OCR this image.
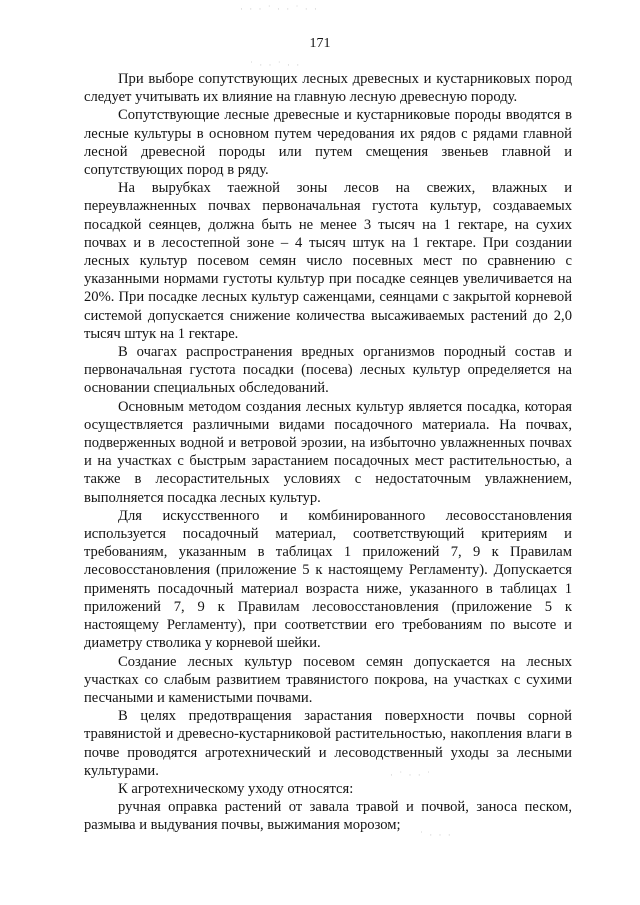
· · · ˙ · · ˙ · ·
˙ · · ˙ · ·
· ˙ · · ˙
˙ · · ·
171

При выборе сопутствующих лесных древесных и кустарниковых пород следует учитывать их влияние на главную лесную древесную породу.

Сопутствующие лесные древесные и кустарниковые породы вводятся в лесные культуры в основном путем чередования их рядов с рядами главной лесной древесной породы или путем смещения звеньев главной и сопутствующих пород в ряду.

На вырубках таежной зоны лесов на свежих, влажных и переувлажненных почвах первоначальная густота культур, создаваемых посадкой сеянцев, должна быть не менее 3 тысяч на 1 гектаре, на сухих почвах и в лесостепной зоне – 4 тысяч штук на 1 гектаре. При создании лесных культур посевом семян число посевных мест по сравнению с указанными нормами густоты культур при посадке сеянцев увеличивается на 20%. При посадке лесных культур саженцами, сеянцами с закрытой корневой системой допускается снижение количества высаживаемых растений до 2,0 тысяч штук на 1 гектаре.

В очагах распространения вредных организмов породный состав и первоначальная густота посадки (посева) лесных культур определяется на основании специальных обследований.

Основным методом создания лесных культур является посадка, которая осуществляется различными видами посадочного материала. На почвах, подверженных водной и ветровой эрозии, на избыточно увлажненных почвах и на участках с быстрым зарастанием посадочных мест растительностью, а также в лесорастительных условиях с недостаточным увлажнением, выполняется посадка лесных культур.

Для искусственного и комбинированного лесовосстановления используется посадочный материал, соответствующий критериям и требованиям, указанным в таблицах 1 приложений 7, 9 к Правилам лесовосстановления (приложение 5 к настоящему Регламенту). Допускается применять посадочный материал возраста ниже, указанного в таблицах 1 приложений 7, 9 к Правилам лесовосстановления (приложение 5 к настоящему Регламенту), при соответствии его требованиям по высоте и диаметру стволика у корневой шейки.

Создание лесных культур посевом семян допускается на лесных участках со слабым развитием травянистого покрова, на участках с сухими песчаными и каменистыми почвами.

В целях предотвращения зарастания поверхности почвы сорной травянистой и древесно-кустарниковой растительностью, накопления влаги в почве проводятся агротехнический и лесоводственный уходы за лесными культурами.

К агротехническому уходу относятся:

ручная оправка растений от завала травой и почвой, заноса песком, размыва и выдувания почвы, выжимания морозом;
